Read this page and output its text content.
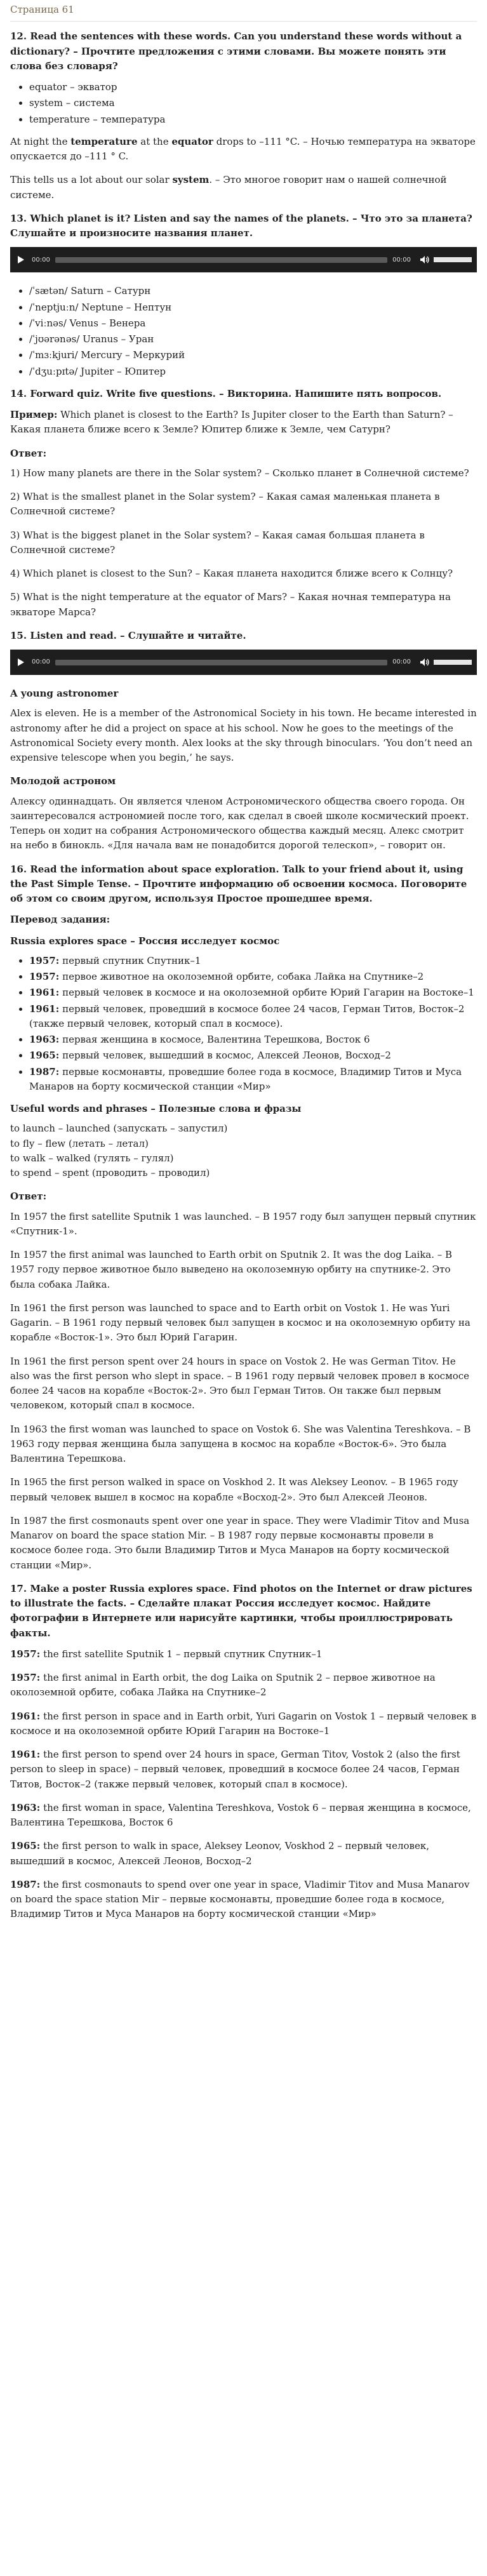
Страница 61
12. Read the sentences with these words. Can you understand these words without a dictionary? – Прочтите предложения с этими словами. Вы можете понять эти слова без словаря?
• equator – экватор
• system – система
• temperature – температура

At night the temperature at the equator drops to –111 °C. – Ночью температура на экваторе опускается до –111 ° C.

This tells us a lot about our solar system. – Это многое говорит нам о нашей солнечной системе.

13. Which planet is it? Listen and say the names of the planets. – Что это за планета? Слушайте и произносите названия планет.
00:00	00:00
• /ˈsætən/ Saturn – Сатурн
• /ˈneptjuːn/ Neptune – Нептун
• /ˈviːnəs/ Venus – Венера
• /ˈjʊərənəs/ Uranus – Уран
• /ˈmɜːkjuri/ Mercury – Меркурий
• /ˈdʒuːpɪtə/ Jupiter – Юпитер
14. Forward quiz. Write five questions. – Викторина. Напишите пять вопросов.

Пример: Which planet is closest to the Earth? Is Jupiter closer to the Earth than Saturn? – Какая планета ближе всего к Земле? Юпитер ближе к Земле, чем Сатурн?

Ответ:

1) How many planets are there in the Solar system? – Сколько планет в Солнечной системе?

2) What is the smallest planet in the Solar system? – Какая самая маленькая планета в Солнечной системе?

3) What is the biggest planet in the Solar system? – Какая самая большая планета в Солнечной системе?

4) Which planet is closest to the Sun? – Какая планета находится ближе всего к Солнцу?

5) What is the night temperature at the equator of Mars? – Какая ночная температура на экваторе Марса?

15. Listen and read. – Слушайте и читайте.
00:00	00:00

A young astronomer

Alex is eleven. He is a member of the Astronomical Society in his town. He became interested in astronomy after he did a project on space at his school. Now he goes to the meetings of the Astronomical Society every month. Alex looks at the sky through binoculars. ‘You don’t need an expensive telescope when you begin,’ he says.

Молодой астроном

Алексу одиннадцать. Он является членом Астрономического общества своего города. Он заинтересовался астрономией после того, как сделал в своей школе космический проект. Теперь он ходит на собрания Астрономического общества каждый месяц. Алекс смотрит на небо в бинокль. «Для начала вам не понадобится дорогой телескоп», – говорит он.

16. Read the information about space exploration. Talk to your friend about it, using the Past Simple Tense. – Прочтите информацию об освоении космоса. Поговорите об этом со своим другом, используя Простое прошедшее время.

Перевод задания:

Russia explores space – Россия исследует космос

• 1957: первый спутник Спутник–1
• 1957: первое животное на околоземной орбите, собака Лайка на Спутнике–2
• 1961: первый человек в космосе и на околоземной орбите Юрий Гагарин на Востоке–1
• 1961: первый человек, проведший в космосе более 24 часов, Герман Титов, Восток–2 (также первый человек, который спал в космосе).
• 1963: первая женщина в космосе, Валентина Терешкова, Восток 6
• 1965: первый человек, вышедший в космос, Алексей Леонов, Восход–2
• 1987: первые космонавты, проведшие более года в космосе, Владимир Титов и Муса Манаров на борту космической станции «Мир»

Useful words and phrases – Полезные слова и фразы

to launch – launched (запускать – запустил)
to fly – flew (летать – летал)
to walk – walked (гулять – гулял)
to spend – spent (проводить – проводил)

Ответ:

In 1957 the first satellite Sputnik 1 was launched. – В 1957 году был запущен первый спутник «Спутник-1».

In 1957 the first animal was launched to Earth orbit on Sputnik 2. It was the dog Laika. – В 1957 году первое животное было выведено на околоземную орбиту на спутнике-2. Это была собака Лайка.

In 1961 the first person was launched to space and to Earth orbit on Vostok 1. He was Yuri Gagarin. – В 1961 году первый человек был запущен в космос и на околоземную орбиту на корабле «Восток-1». Это был Юрий Гагарин.

In 1961 the first person spent over 24 hours in space on Vostok 2. He was German Titov. He also was the first person who slept in space. – В 1961 году первый человек провел в космосе более 24 часов на корабле «Восток-2». Это был Герман Титов. Он также был первым человеком, который спал в космосе.

In 1963 the first woman was launched to space on Vostok 6. She was Valentina Tereshkova. – В 1963 году первая женщина была запущена в космос на корабле «Восток-6». Это была Валентина Терешкова.

In 1965 the first person walked in space on Voskhod 2. It was Aleksey Leonov. – В 1965 году первый человек вышел в космос на корабле «Восход-2». Это был Алексей Леонов.

In 1987 the first cosmonauts spent over one year in space. They were Vladimir Titov and Musa Manarov on board the space station Mir. – В 1987 году первые космонавты провели в космосе более года. Это были Владимир Титов и Муса Манаров на борту космической станции «Мир».

17. Make a poster Russia explores space. Find photos on the Internet or draw pictures to illustrate the facts. – Сделайте плакат Россия исследует космос. Найдите фотографии в Интернете или нарисуйте картинки, чтобы проиллюстрировать факты.

1957: the first satellite Sputnik 1 – первый спутник Спутник–1

1957: the first animal in Earth orbit, the dog Laika on Sputnik 2 – первое животное на околоземной орбите, собака Лайка на Спутнике–2

1961: the first person in space and in Earth orbit, Yuri Gagarin on Vostok 1 – первый человек в космосе и на околоземной орбите Юрий Гагарин на Востоке–1

1961: the first person to spend over 24 hours in space, German Titov, Vostok 2 (also the first person to sleep in space) – первый человек, проведший в космосе более 24 часов, Герман Титов, Восток–2 (также первый человек, который спал в космосе).

1963: the first woman in space, Valentina Tereshkova, Vostok 6 – первая женщина в космосе, Валентина Терешкова, Восток 6

1965: the first person to walk in space, Aleksey Leonov, Voskhod 2 – первый человек, вышедший в космос, Алексей Леонов, Восход–2

1987: the first cosmonauts to spend over one year in space, Vladimir Titov and Musa Manarov on board the space station Mir – первые космонавты, проведшие более года в космосе, Владимир Титов и Муса Манаров на борту космической станции «Мир»
